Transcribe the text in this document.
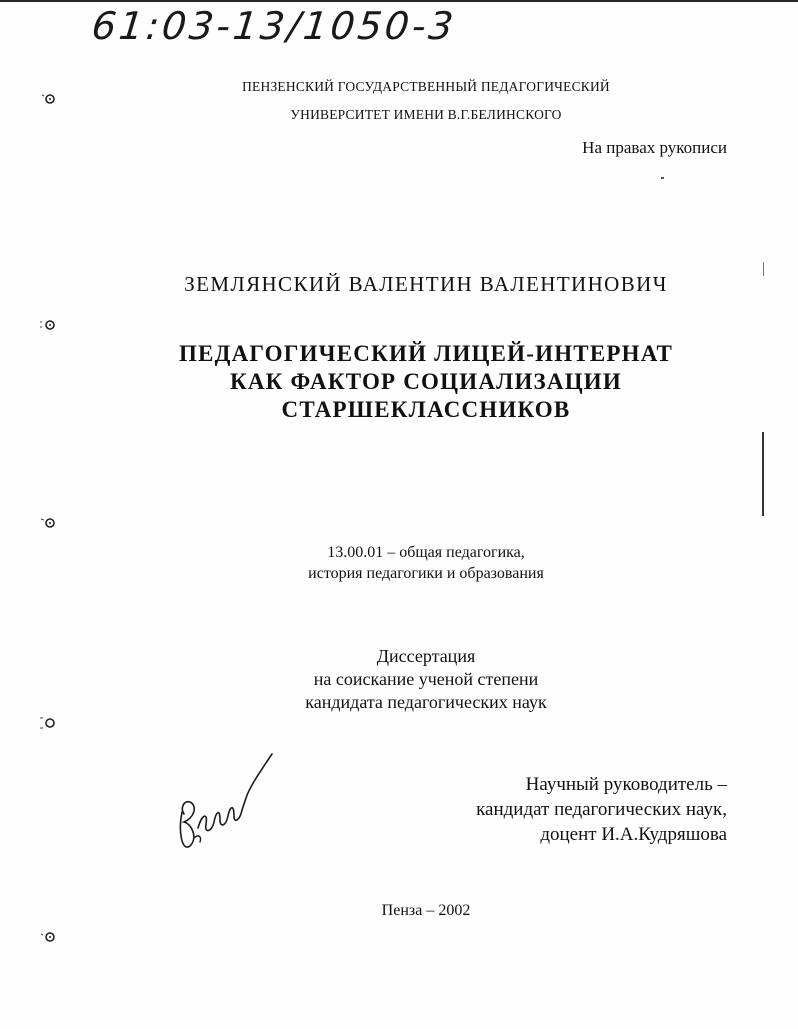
61:03-13/1050-3
ПЕНЗЕНСКИЙ ГОСУДАРСТВЕННЫЙ ПЕДАГОГИЧЕСКИЙ
УНИВЕРСИТЕТ ИМЕНИ В.Г.БЕЛИНСКОГО
На правах рукописи
ЗЕМЛЯНСКИЙ ВАЛЕНТИН ВАЛЕНТИНОВИЧ
ПЕДАГОГИЧЕСКИЙ ЛИЦЕЙ-ИНТЕРНАТ
КАК ФАКТОР СОЦИАЛИЗАЦИИ
СТАРШЕКЛАССНИКОВ
13.00.01 – общая педагогика,
история педагогики и образования
Диссертация
на соискание ученой степени
кандидата педагогических наук
Научный руководитель –
кандидат педагогических наук,
доцент И.А.Кудряшова
Пенза – 2002
